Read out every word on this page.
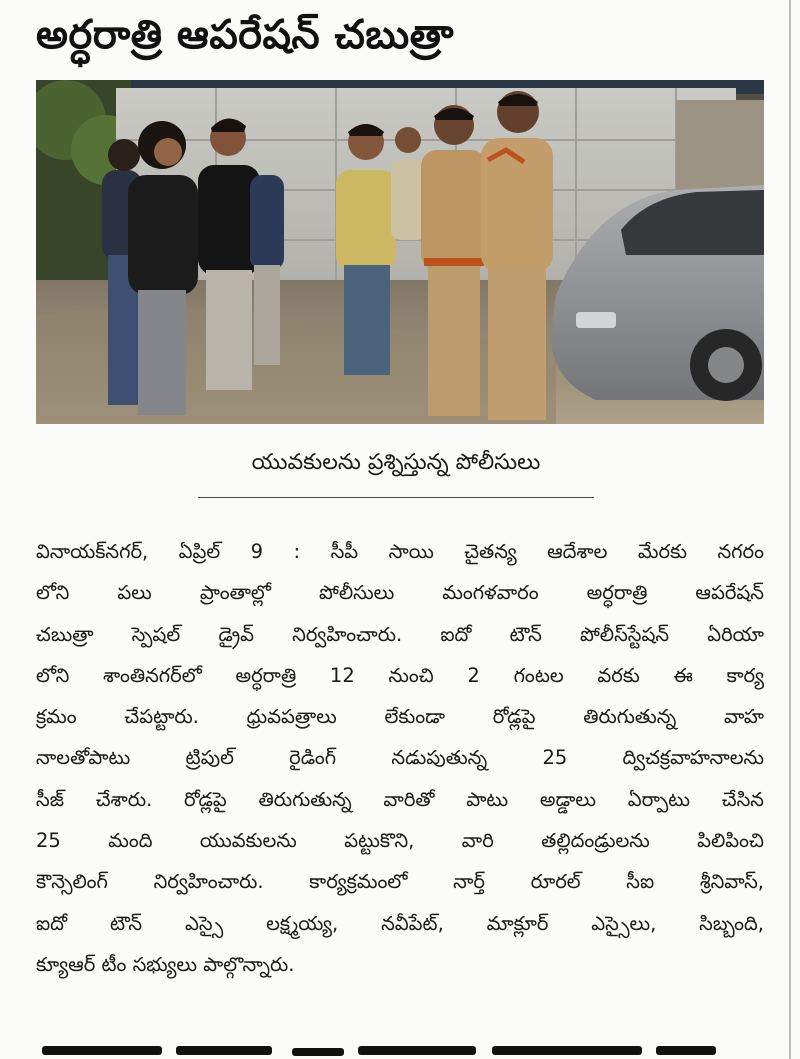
అర్ధరాత్రి ఆపరేషన్ చబుత్రా
యువకులను ప్రశ్నిస్తున్న పోలీసులు
వినాయక్‌నగర్, ఏప్రిల్ 9 : సీపీ సాయి చైతన్య ఆదేశాల మేరకు నగరం
లోని పలు ప్రాంతాల్లో పోలీసులు మంగళవారం అర్ధరాత్రి ఆపరేషన్
చబుత్రా స్పెషల్ డ్రైవ్ నిర్వహించారు. ఐదో టౌన్ పోలీస్‌స్టేషన్ ఏరియా
లోని శాంతినగర్‌లో అర్ధరాత్రి 12 నుంచి 2 గంటల వరకు ఈ కార్య
క్రమం చేపట్టారు. ధ్రువపత్రాలు లేకుండా రోడ్లపై తిరుగుతున్న వాహ
నాలతోపాటు ట్రిపుల్ రైడింగ్ నడుపుతున్న 25 ద్విచక్రవాహనాలను
సీజ్ చేశారు. రోడ్లపై తిరుగుతున్న వారితో పాటు అడ్డాలు ఏర్పాటు చేసిన
25 మంది యువకులను పట్టుకొని, వారి తల్లిదండ్రులను పిలిపించి
కౌన్సెలింగ్ నిర్వహించారు. కార్యక్రమంలో నార్త్ రూరల్ సీఐ శ్రీనివాస్,
ఐదో టౌన్ ఎస్సై లక్ష్మయ్య, నవీపేట్, మాక్లూర్ ఎస్సైలు, సిబ్బంది,
క్యూఆర్ టీం సభ్యులు పాల్గొన్నారు.
